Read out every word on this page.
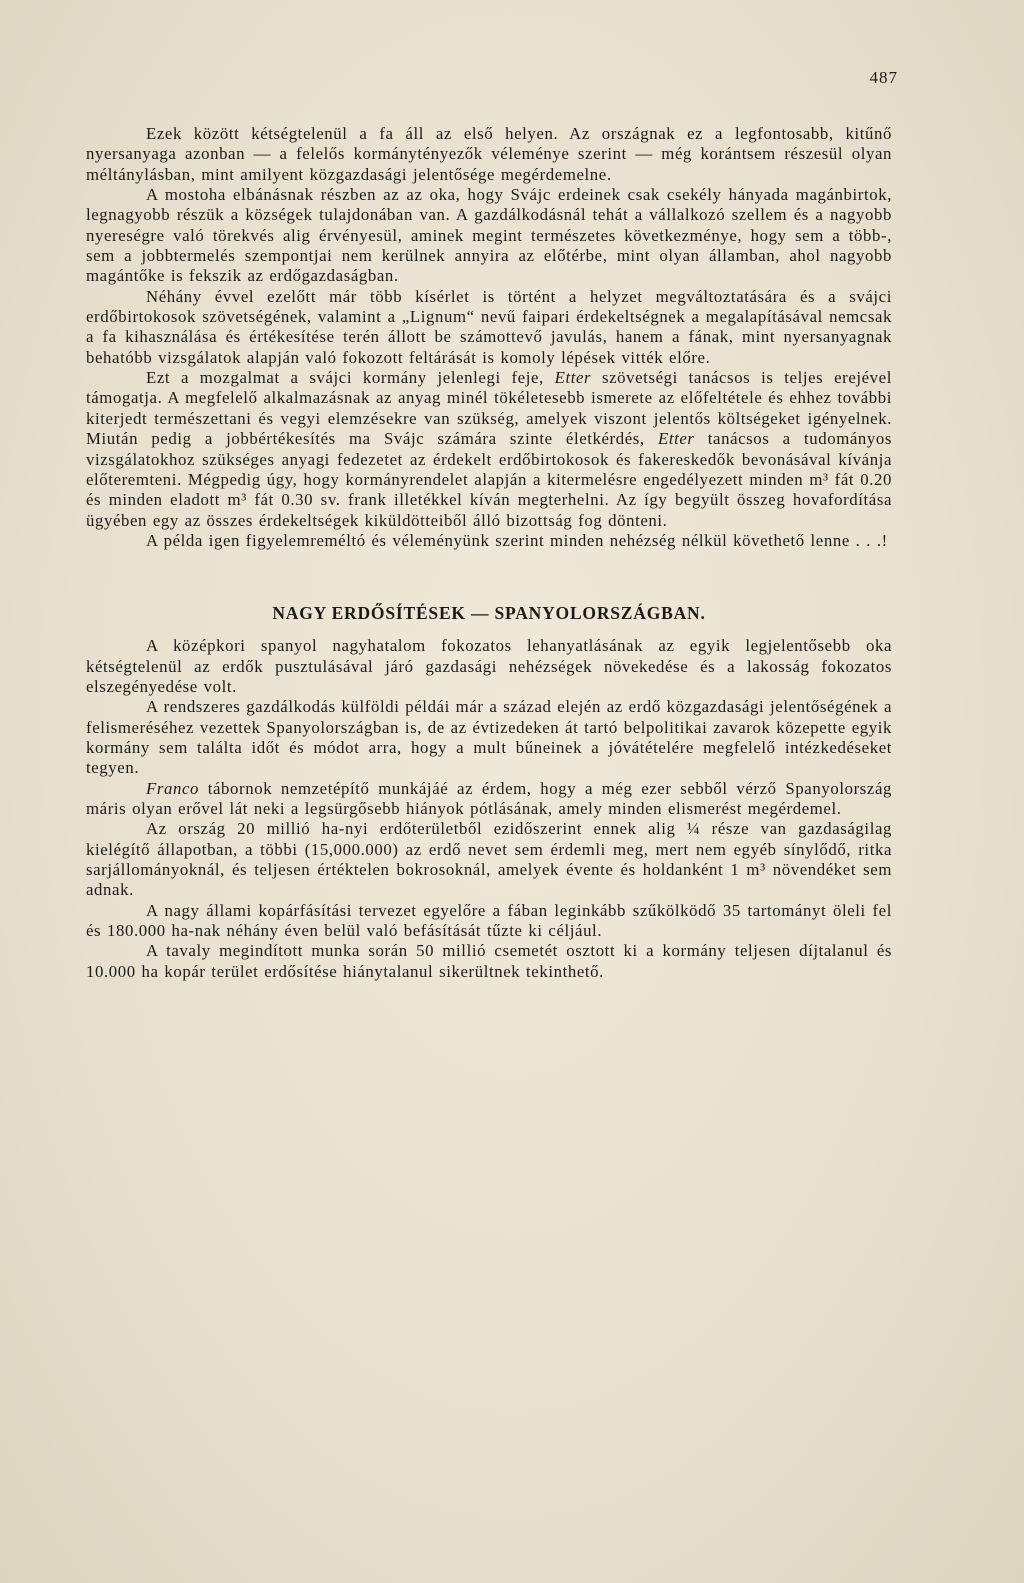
487

Ezek között kétségtelenül a fa áll az első helyen. Az országnak ez a legfontosabb, kitűnő nyersanyaga azonban — a felelős kormánytényezők véleménye szerint — még korántsem részesül olyan méltánylásban, mint amilyent közgazdasági jelentősége megérdemelne.

A mostoha elbánásnak részben az az oka, hogy Svájc erdeinek csak csekély hányada magánbirtok, legnagyobb részük a községek tulajdonában van. A gazdálkodásnál tehát a vállalkozó szellem és a nagyobb nyereségre való törekvés alig érvényesül, aminek megint természetes következménye, hogy sem a több-, sem a jobbtermelés szempontjai nem kerülnek annyira az előtérbe, mint olyan államban, ahol nagyobb magántőke is fekszik az erdőgazdaságban.

Néhány évvel ezelőtt már több kísérlet is történt a helyzet megváltoztatására és a svájci erdőbirtokosok szövetségének, valamint a „Lignum“ nevű faipari érdekeltségnek a megalapításával nemcsak a fa kihasználása és értékesítése terén állott be számottevő javulás, hanem a fának, mint nyersanyagnak behatóbb vizsgálatok alapján való fokozott feltárását is komoly lépések vitték előre.

Ezt a mozgalmat a svájci kormány jelenlegi feje, Etter szövetségi tanácsos is teljes erejével támogatja. A megfelelő alkalmazásnak az anyag minél tökéletesebb ismerete az előfeltétele és ehhez további kiterjedt természettani és vegyi elemzésekre van szükség, amelyek viszont jelentős költségeket igényelnek. Miután pedig a jobbértékesítés ma Svájc számára szinte életkérdés, Etter tanácsos a tudományos vizsgálatokhoz szükséges anyagi fedezetet az érdekelt erdőbirtokosok és fakereskedők bevonásával kívánja előteremteni. Mégpedig úgy, hogy kormányrendelet alapján a kitermelésre engedélyezett minden m³ fát 0.20 és minden eladott m³ fát 0.30 sv. frank illetékkel kíván megterhelni. Az így begyült összeg hovafordítása ügyében egy az összes érdekeltségek kiküldötteiből álló bizottság fog dönteni.

A példa igen figyelemreméltó és véleményünk szerint minden nehézség nélkül követhető lenne . . .!

NAGY ERDŐSÍTÉSEK — SPANYOLORSZÁGBAN.

A középkori spanyol nagyhatalom fokozatos lehanyatlásának az egyik legjelentősebb oka kétségtelenül az erdők pusztulásával járó gazdasági nehézségek növekedése és a lakosság fokozatos elszegényedése volt.

A rendszeres gazdálkodás külföldi példái már a század elején az erdő közgazdasági jelentőségének a felismeréséhez vezettek Spanyolországban is, de az évtizedeken át tartó belpolitikai zavarok közepette egyik kormány sem találta időt és módot arra, hogy a mult bűneinek a jóvátételére megfelelő intézkedéseket tegyen.

Franco tábornok nemzetépítő munkájáé az érdem, hogy a még ezer sebből vérző Spanyolország máris olyan erővel lát neki a legsürgősebb hiányok pótlásának, amely minden elismerést megérdemel.

Az ország 20 millió ha-nyi erdőterületből ezidőszerint ennek alig ¼ része van gazdaságilag kielégítő állapotban, a többi (15,000.000) az erdő nevet sem érdemli meg, mert nem egyéb sínylődő, ritka sarjállományoknál, és teljesen értéktelen bokrosoknál, amelyek évente és holdanként 1 m³ növendéket sem adnak.

A nagy állami kopárfásítási tervezet egyelőre a fában leginkább szűkölködő 35 tartományt öleli fel és 180.000 ha-nak néhány éven belül való befásítását tűzte ki céljául.

A tavaly megindított munka során 50 millió csemetét osztott ki a kormány teljesen díjtalanul és 10.000 ha kopár terület erdősítése hiánytalanul sikerültnek tekinthető.
